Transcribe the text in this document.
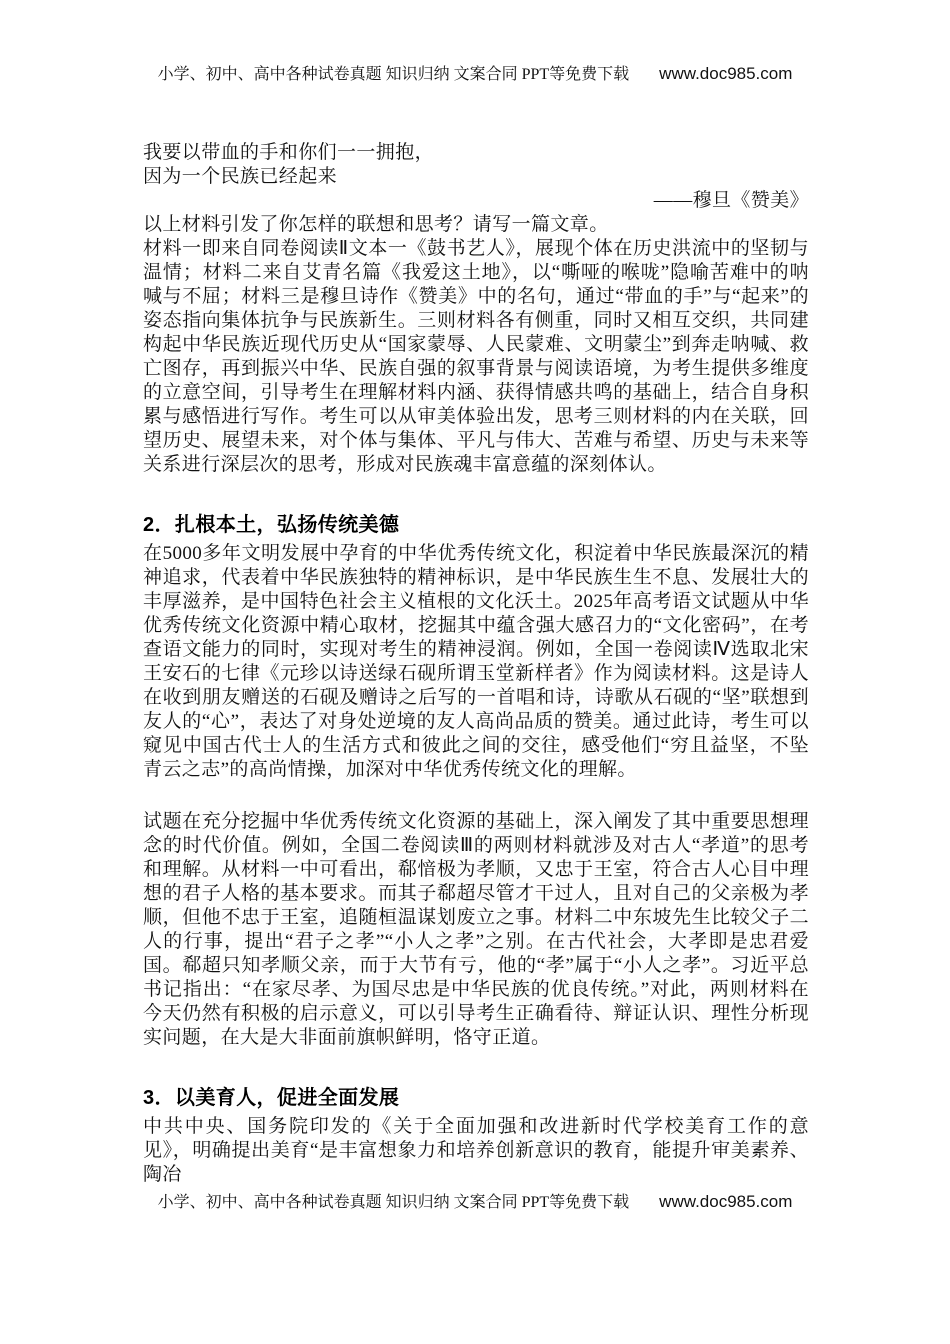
小学、初中、高中各种试卷真题 知识归纳 文案合同 PPT等免费下载 www.doc985.com

我要以带血的手和你们一一拥抱，

因为一个民族已经起来

——穆旦《赞美》

以上材料引发了你怎样的联想和思考？请写一篇文章。

材料一即来自同卷阅读Ⅱ文本一《鼓书艺人》，展现个体在历史洪流中的坚韧与温情；材料二来自艾青名篇《我爱这土地》，以“嘶哑的喉咙”隐喻苦难中的呐喊与不屈；材料三是穆旦诗作《赞美》中的名句，通过“带血的手”与“起来”的姿态指向集体抗争与民族新生。三则材料各有侧重，同时又相互交织，共同建构起中华民族近现代历史从“国家蒙辱、人民蒙难、文明蒙尘”到奔走呐喊、救亡图存，再到振兴中华、民族自强的叙事背景与阅读语境，为考生提供多维度的立意空间，引导考生在理解材料内涵、获得情感共鸣的基础上，结合自身积累与感悟进行写作。考生可以从审美体验出发，思考三则材料的内在关联，回望历史、展望未来，对个体与集体、平凡与伟大、苦难与希望、历史与未来等关系进行深层次的思考，形成对民族魂丰富意蕴的深刻体认。

2．扎根本土，弘扬传统美德

在5000多年文明发展中孕育的中华优秀传统文化，积淀着中华民族最深沉的精神追求，代表着中华民族独特的精神标识，是中华民族生生不息、发展壮大的丰厚滋养，是中国特色社会主义植根的文化沃土。2025年高考语文试题从中华优秀传统文化资源中精心取材，挖掘其中蕴含强大感召力的“文化密码”，在考查语文能力的同时，实现对考生的精神浸润。例如，全国一卷阅读Ⅳ选取北宋王安石的七律《元珍以诗送绿石砚所谓玉堂新样者》作为阅读材料。这是诗人在收到朋友赠送的石砚及赠诗之后写的一首唱和诗，诗歌从石砚的“坚”联想到友人的“心”，表达了对身处逆境的友人高尚品质的赞美。通过此诗，考生可以窥见中国古代士人的生活方式和彼此之间的交往，感受他们“穷且益坚，不坠青云之志”的高尚情操，加深对中华优秀传统文化的理解。

试题在充分挖掘中华优秀传统文化资源的基础上，深入阐发了其中重要思想理念的时代价值。例如，全国二卷阅读Ⅲ的两则材料就涉及对古人“孝道”的思考和理解。从材料一中可看出，郗愔极为孝顺，又忠于王室，符合古人心目中理想的君子人格的基本要求。而其子郗超尽管才干过人，且对自己的父亲极为孝顺，但他不忠于王室，追随桓温谋划废立之事。材料二中东坡先生比较父子二人的行事，提出“君子之孝”“小人之孝”之别。在古代社会，大孝即是忠君爱国。郗超只知孝顺父亲，而于大节有亏，他的“孝”属于“小人之孝”。习近平总书记指出：“在家尽孝、为国尽忠是中华民族的优良传统。”对此，两则材料在今天仍然有积极的启示意义，可以引导考生正确看待、辩证认识、理性分析现实问题，在大是大非面前旗帜鲜明，恪守正道。

3．以美育人，促进全面发展

中共中央、国务院印发的《关于全面加强和改进新时代学校美育工作的意见》，明确提出美育“是丰富想象力和培养创新意识的教育，能提升审美素养、陶冶

小学、初中、高中各种试卷真题 知识归纳 文案合同 PPT等免费下载 www.doc985.com
